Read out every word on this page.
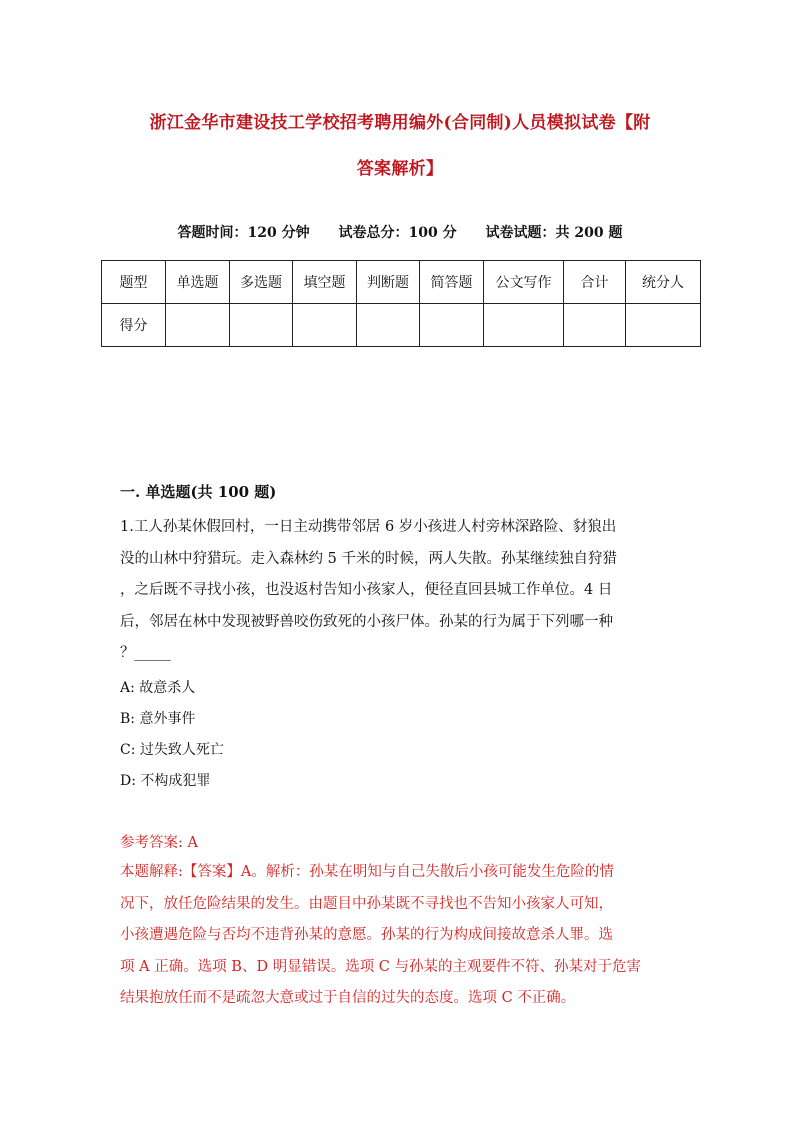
浙江金华市建设技工学校招考聘用编外(合同制)人员模拟试卷【附
答案解析】
答题时间：120 分钟 试卷总分：100 分 试卷试题：共 200 题
题型	单选题	多选题	填空题	判断题	简答题	公文写作	合计	统分人
得分								
一. 单选题(共 100 题)
1.工人孙某休假回村，一日主动携带邻居 6 岁小孩进人村旁林深路险、豺狼出
没的山林中狩猎玩。走入森林约 5 千米的时候，两人失散。孙某继续独自狩猎
，之后既不寻找小孩，也没返村告知小孩家人，便径直回县城工作单位。4 日
后，邻居在林中发现被野兽咬伤致死的小孩尸体。孙某的行为属于下列哪一种
？_____
A: 故意杀人
B: 意外事件
C: 过失致人死亡
D: 不构成犯罪
参考答案: A
本题解释:【答案】A。解析：孙某在明知与自己失散后小孩可能发生危险的情
况下，放任危险结果的发生。由题目中孙某既不寻找也不告知小孩家人可知，
小孩遭遇危险与否均不违背孙某的意愿。孙某的行为构成间接故意杀人罪。选
项 A 正确。选项 B、D 明显错误。选项 C 与孙某的主观要件不符、孙某对于危害
结果抱放任而不是疏忽大意或过于自信的过失的态度。选项 C 不正确。
